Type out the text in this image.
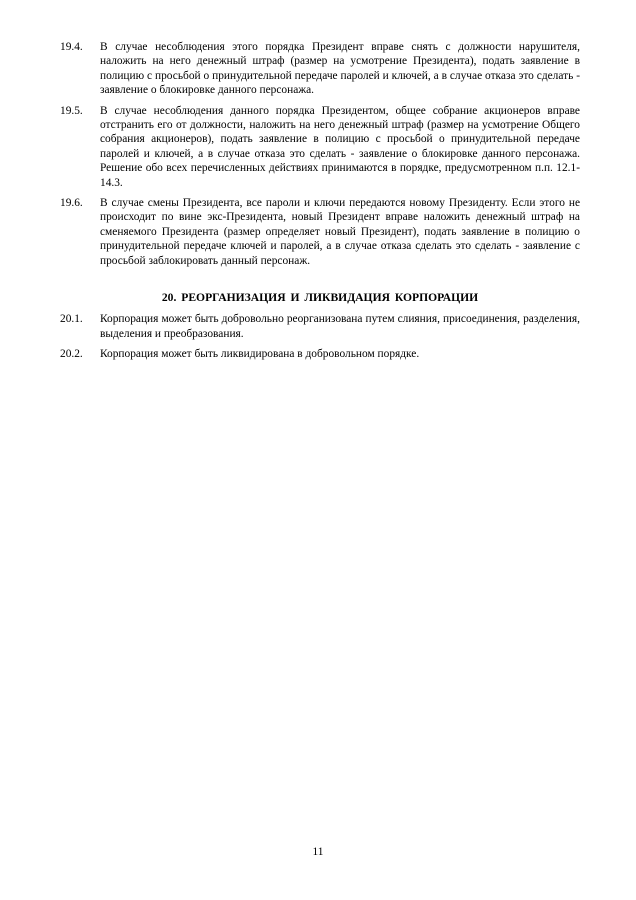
19.4.	В случае несоблюдения этого порядка Президент вправе снять с должности нарушителя, наложить на него денежный штраф (размер на усмотрение Президента), подать заявление в полицию с просьбой о принудительной передаче паролей и ключей, а в случае отказа это сделать - заявление о блокировке данного персонажа.
19.5.	В случае несоблюдения данного порядка Президентом, общее собрание акционеров вправе отстранить его от должности, наложить на него денежный штраф (размер на усмотрение Общего собрания акционеров), подать заявление в полицию с просьбой о принудительной передаче паролей и ключей, а в случае отказа это сделать - заявление о блокировке данного персонажа. Решение обо всех перечисленных действиях принимаются в порядке, предусмотренном п.п. 12.1-14.3.
19.6.	В случае смены Президента, все пароли и ключи передаются новому Президенту. Если этого не происходит по вине экс-Президента, новый Президент вправе наложить денежный штраф на сменяемого Президента (размер определяет новый Президент), подать заявление в полицию о принудительной передаче ключей и паролей, а в случае отказа сделать это сделать - заявление с просьбой заблокировать данный персонаж.
20. РЕОРГАНИЗАЦИЯ И ЛИКВИДАЦИЯ КОРПОРАЦИИ
20.1.	Корпорация может быть добровольно реорганизована путем слияния, присоединения, разделения, выделения и преобразования.
20.2.	Корпорация может быть ликвидирована в добровольном порядке.
11
